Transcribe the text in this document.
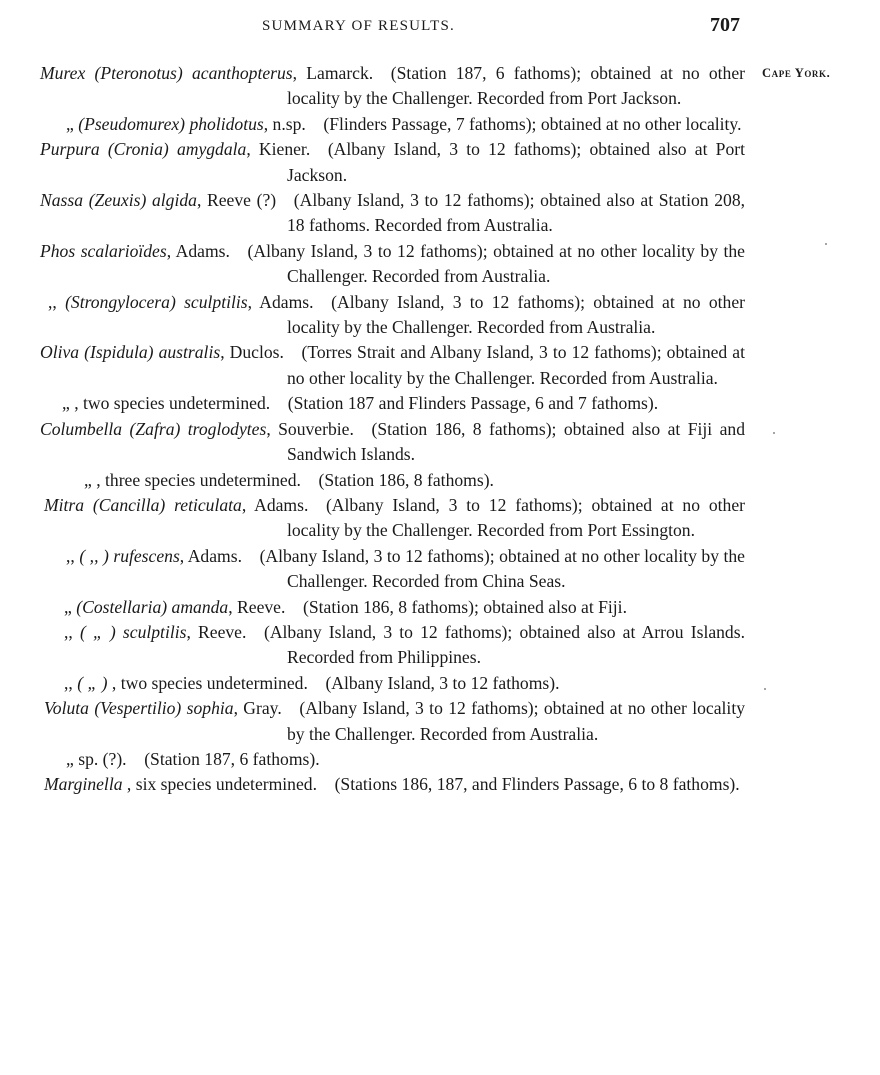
SUMMARY OF RESULTS.	707
Cape York.
Murex (Pteronotus) acanthopterus, Lamarck.  (Station 187, 6 fathoms); obtained at no other locality by the Challenger. Recorded from Port Jackson.
„ (Pseudomurex) pholidotus, n.sp.  (Flinders Passage, 7 fathoms); obtained at no other locality.
Purpura (Cronia) amygdala, Kiener.  (Albany Island, 3 to 12 fathoms); obtained also at Port Jackson.
Nassa (Zeuxis) algida, Reeve (?)  (Albany Island, 3 to 12 fathoms); obtained also at Station 208, 18 fathoms. Recorded from Australia.
Phos scalarioïdes, Adams.  (Albany Island, 3 to 12 fathoms); obtained at no other locality by the Challenger. Recorded from Australia.
,, (Strongylocera) sculptilis, Adams.  (Albany Island, 3 to 12 fathoms); obtained at no other locality by the Challenger. Recorded from Australia.
Oliva (Ispidula) australis, Duclos.  (Torres Strait and Albany Island, 3 to 12 fathoms); obtained at no other locality by the Challenger. Recorded from Australia.
„ , two species undetermined.  (Station 187 and Flinders Passage, 6 and 7 fathoms).
Columbella (Zafra) troglodytes, Souverbie.  (Station 186, 8 fathoms); obtained also at Fiji and Sandwich Islands.
„ , three species undetermined.  (Station 186, 8 fathoms).
Mitra (Cancilla) reticulata, Adams.  (Albany Island, 3 to 12 fathoms); obtained at no other locality by the Challenger. Recorded from Port Essington.
,, ( ,, ) rufescens, Adams.  (Albany Island, 3 to 12 fathoms); obtained at no other locality by the Challenger. Recorded from China Seas.
„ (Costellaria) amanda, Reeve.  (Station 186, 8 fathoms); obtained also at Fiji.
,, ( „ ) sculptilis, Reeve.  (Albany Island, 3 to 12 fathoms); obtained also at Arrou Islands. Recorded from Philippines.
,, ( „ ) , two species undetermined.  (Albany Island, 3 to 12 fathoms).
Voluta (Vespertilio) sophia, Gray.  (Albany Island, 3 to 12 fathoms); obtained at no other locality by the Challenger. Recorded from Australia.
„ sp. (?).  (Station 187, 6 fathoms).
Marginella , six species undetermined.  (Stations 186, 187, and Flinders Passage, 6 to 8 fathoms).
